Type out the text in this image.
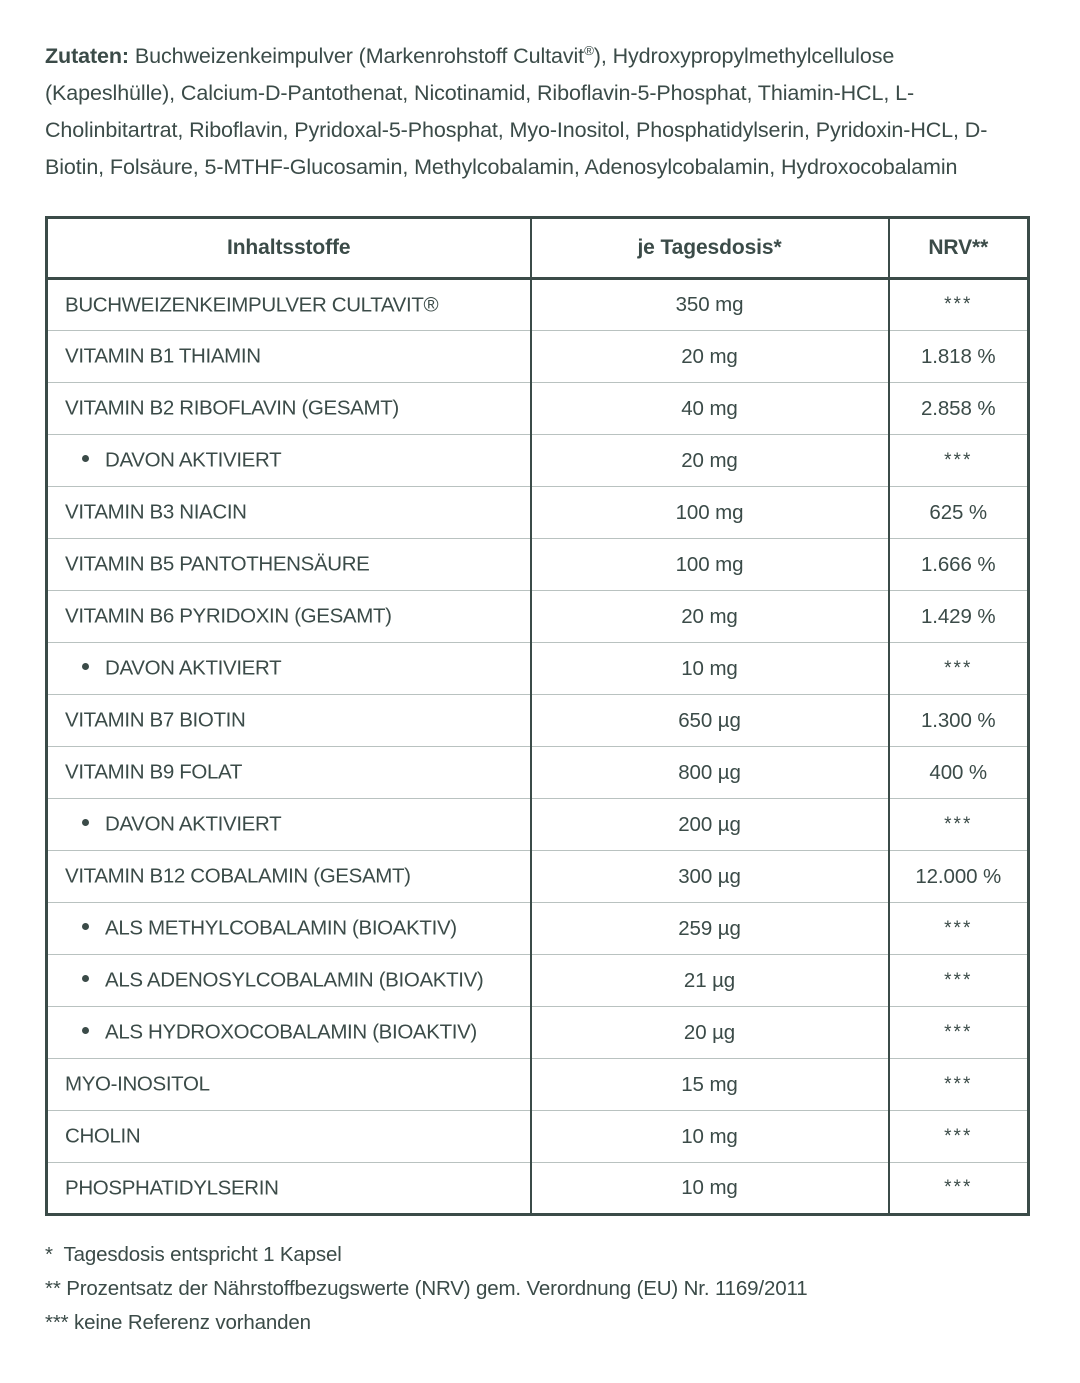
Zutaten: Buchweizenkeimpulver (Markenrohstoff Cultavit®), Hydroxypropylmethylcellulose (Kapeslhülle), Calcium-D-Pantothenat, Nicotinamid, Riboflavin-5-Phosphat, Thiamin-HCL, L-Cholinbitartrat, Riboflavin, Pyridoxal-5-Phosphat, Myo-Inositol, Phosphatidylserin, Pyridoxin-HCL, D-Biotin, Folsäure, 5-MTHF-Glucosamin, Methylcobalamin, Adenosylcobalamin, Hydroxocobalamin

Inhaltsstoffe	je Tagesdosis*	NRV**
BUCHWEIZENKEIMPULVER CULTAVIT®	350 mg	***
VITAMIN B1 THIAMIN	20 mg	1.818 %
VITAMIN B2 RIBOFLAVIN (GESAMT)	40 mg	2.858 %
DAVON AKTIVIERT	20 mg	***
VITAMIN B3 NIACIN	100 mg	625 %
VITAMIN B5 PANTOTHENSÄURE	100 mg	1.666 %
VITAMIN B6 PYRIDOXIN (GESAMT)	20 mg	1.429 %
DAVON AKTIVIERT	10 mg	***
VITAMIN B7 BIOTIN	650 µg	1.300 %
VITAMIN B9 FOLAT	800 µg	400 %
DAVON AKTIVIERT	200 µg	***
VITAMIN B12 COBALAMIN (GESAMT)	300 µg	12.000 %
ALS METHYLCOBALAMIN (BIOAKTIV)	259 µg	***
ALS ADENOSYLCOBALAMIN (BIOAKTIV)	21 µg	***
ALS HYDROXOCOBALAMIN (BIOAKTIV)	20 µg	***
MYO-INOSITOL	15 mg	***
CHOLIN	10 mg	***
PHOSPHATIDYLSERIN	10 mg	***
*  Tagesdosis entspricht 1 Kapsel
** Prozentsatz der Nährstoffbezugswerte (NRV) gem. Verordnung (EU) Nr. 1169/2011
*** keine Referenz vorhanden
